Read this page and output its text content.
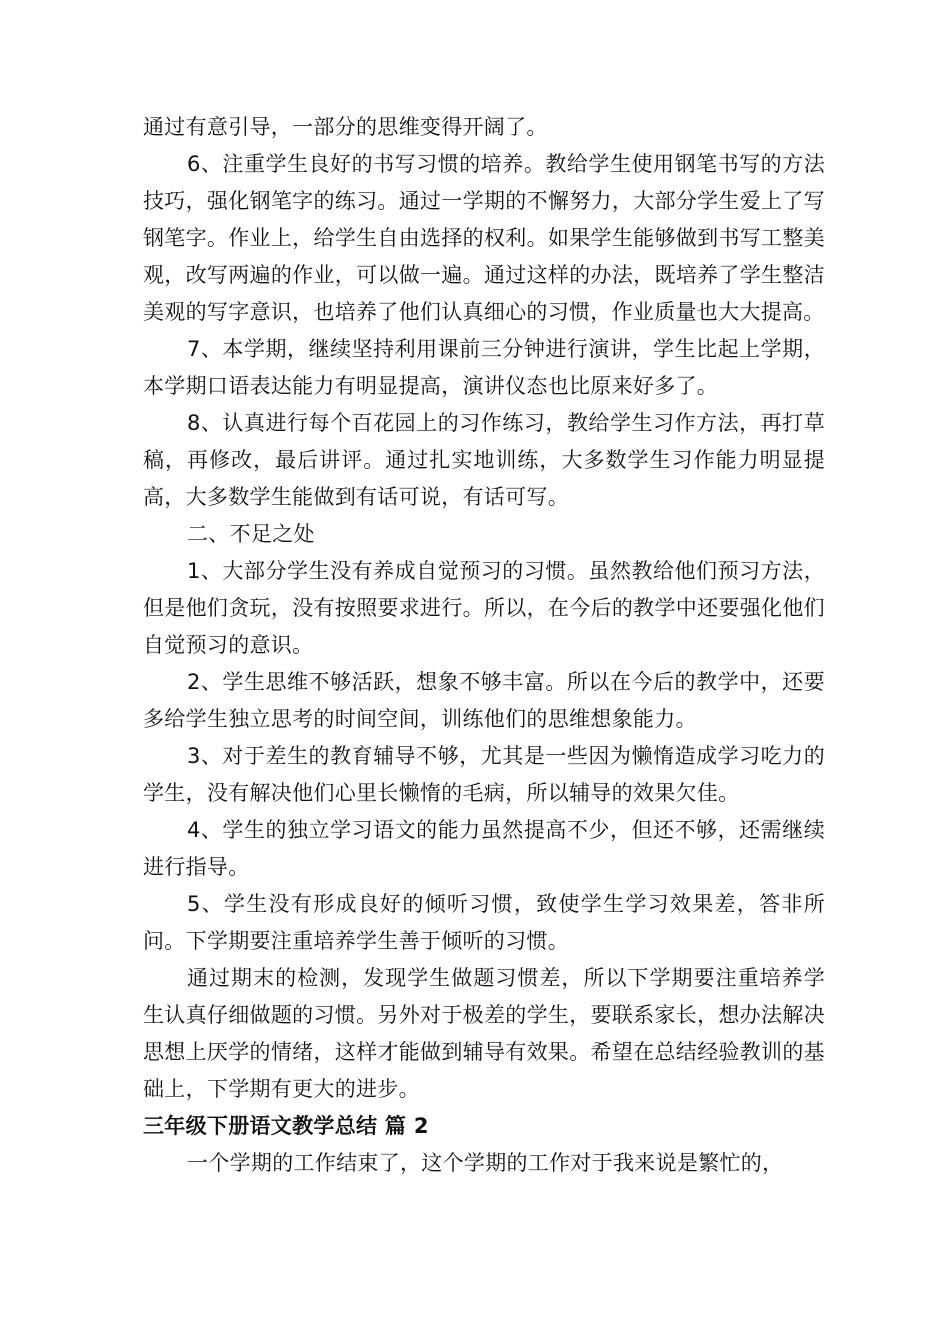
通过有意引导，一部分的思维变得开阔了。

6、注重学生良好的书写习惯的培养。教给学生使用钢笔书写的方法技巧，强化钢笔字的练习。通过一学期的不懈努力，大部分学生爱上了写钢笔字。作业上，给学生自由选择的权利。如果学生能够做到书写工整美观，改写两遍的作业，可以做一遍。通过这样的办法，既培养了学生整洁美观的写字意识，也培养了他们认真细心的习惯，作业质量也大大提高。

7、本学期，继续坚持利用课前三分钟进行演讲，学生比起上学期，本学期口语表达能力有明显提高，演讲仪态也比原来好多了。

8、认真进行每个百花园上的习作练习，教给学生习作方法，再打草稿，再修改，最后讲评。通过扎实地训练，大多数学生习作能力明显提高，大多数学生能做到有话可说，有话可写。

二、不足之处

1、大部分学生没有养成自觉预习的习惯。虽然教给他们预习方法，但是他们贪玩，没有按照要求进行。所以，在今后的教学中还要强化他们自觉预习的意识。

2、学生思维不够活跃，想象不够丰富。所以在今后的教学中，还要多给学生独立思考的时间空间，训练他们的思维想象能力。

3、对于差生的教育辅导不够，尤其是一些因为懒惰造成学习吃力的学生，没有解决他们心里长懒惰的毛病，所以辅导的效果欠佳。

4、学生的独立学习语文的能力虽然提高不少，但还不够，还需继续进行指导。

5、学生没有形成良好的倾听习惯，致使学生学习效果差，答非所问。下学期要注重培养学生善于倾听的习惯。

通过期末的检测，发现学生做题习惯差，所以下学期要注重培养学生认真仔细做题的习惯。另外对于极差的学生，要联系家长，想办法解决思想上厌学的情绪，这样才能做到辅导有效果。希望在总结经验教训的基础上，下学期有更大的进步。

三年级下册语文教学总结 篇 2

一个学期的工作结束了，这个学期的工作对于我来说是繁忙的，
